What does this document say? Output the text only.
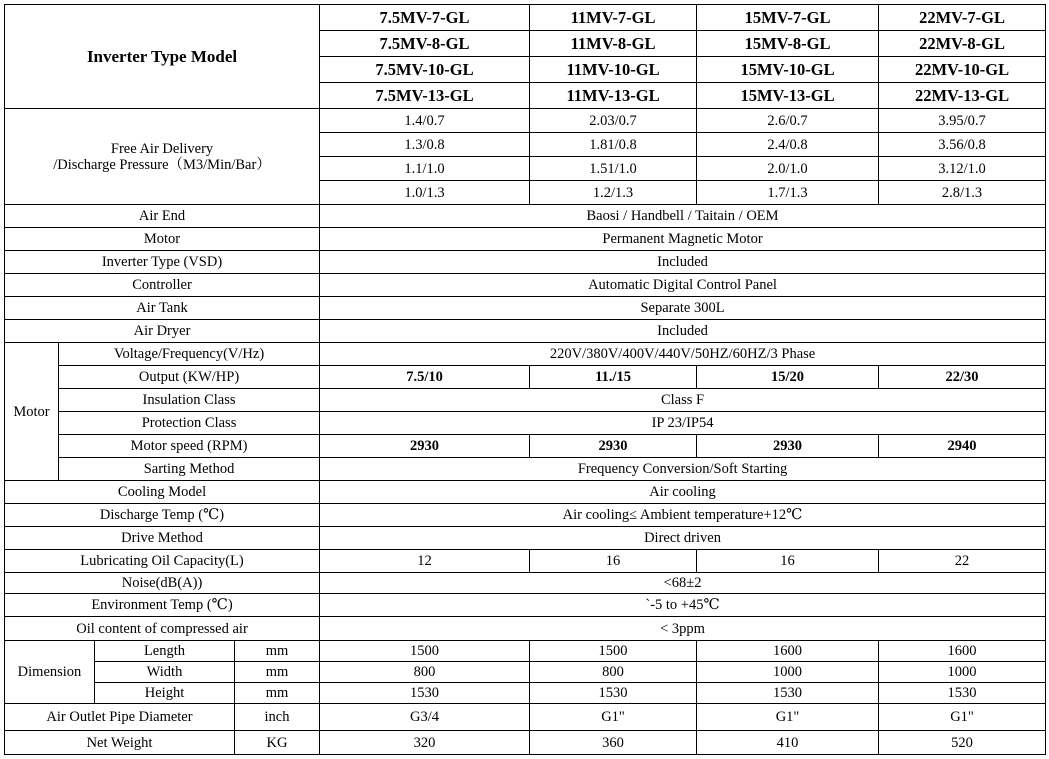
Inverter Type Model				7.5MV-7-GL	11MV-7-GL	15MV-7-GL	22MV-7-GL
				7.5MV-8-GL	11MV-8-GL	15MV-8-GL	22MV-8-GL
				7.5MV-10-GL	11MV-10-GL	15MV-10-GL	22MV-10-GL
				7.5MV-13-GL	11MV-13-GL	15MV-13-GL	22MV-13-GL
Free Air Delivery
/Discharge Pressure（M3/Min/Bar）				1.4/0.7	2.03/0.7	2.6/0.7	3.95/0.7
				1.3/0.8	1.81/0.8	2.4/0.8	3.56/0.8
				1.1/1.0	1.51/1.0	2.0/1.0	3.12/1.0
				1.0/1.3	1.2/1.3	1.7/1.3	2.8/1.3
Air End				Baosi / Handbell / Taitain / OEM			
Motor				Permanent Magnetic Motor			
Inverter Type (VSD)				Included			
Controller				Automatic Digital Control Panel			
Air Tank				Separate 300L			
Air Dryer				Included			
Motor	Voltage/Frequency(V/Hz)			220V/380V/400V/440V/50HZ/60HZ/3 Phase			
	Output (KW/HP)			7.5/10	11./15	15/20	22/30
	Insulation Class			Class F			
	Protection Class			IP 23/IP54			
	Motor speed (RPM)			2930	2930	2930	2940
	Sarting Method			Frequency Conversion/Soft Starting			
Cooling Model				Air cooling			
Discharge Temp (℃)				Air cooling≤ Ambient temperature+12℃			
Drive Method				Direct driven			
Lubricating Oil Capacity(L)				12	16	16	22
Noise(dB(A))				<68±2			
Environment Temp (℃)				`-5 to +45℃			
Oil content of compressed air				< 3ppm			
Dimension		Length	mm	1500	1500	1600	1600
		Width	mm	800	800	1000	1000
		Height	mm	1530	1530	1530	1530
Air Outlet Pipe Diameter			inch	G3/4	G1"	G1"	G1"
Net Weight			KG	320	360	410	520
